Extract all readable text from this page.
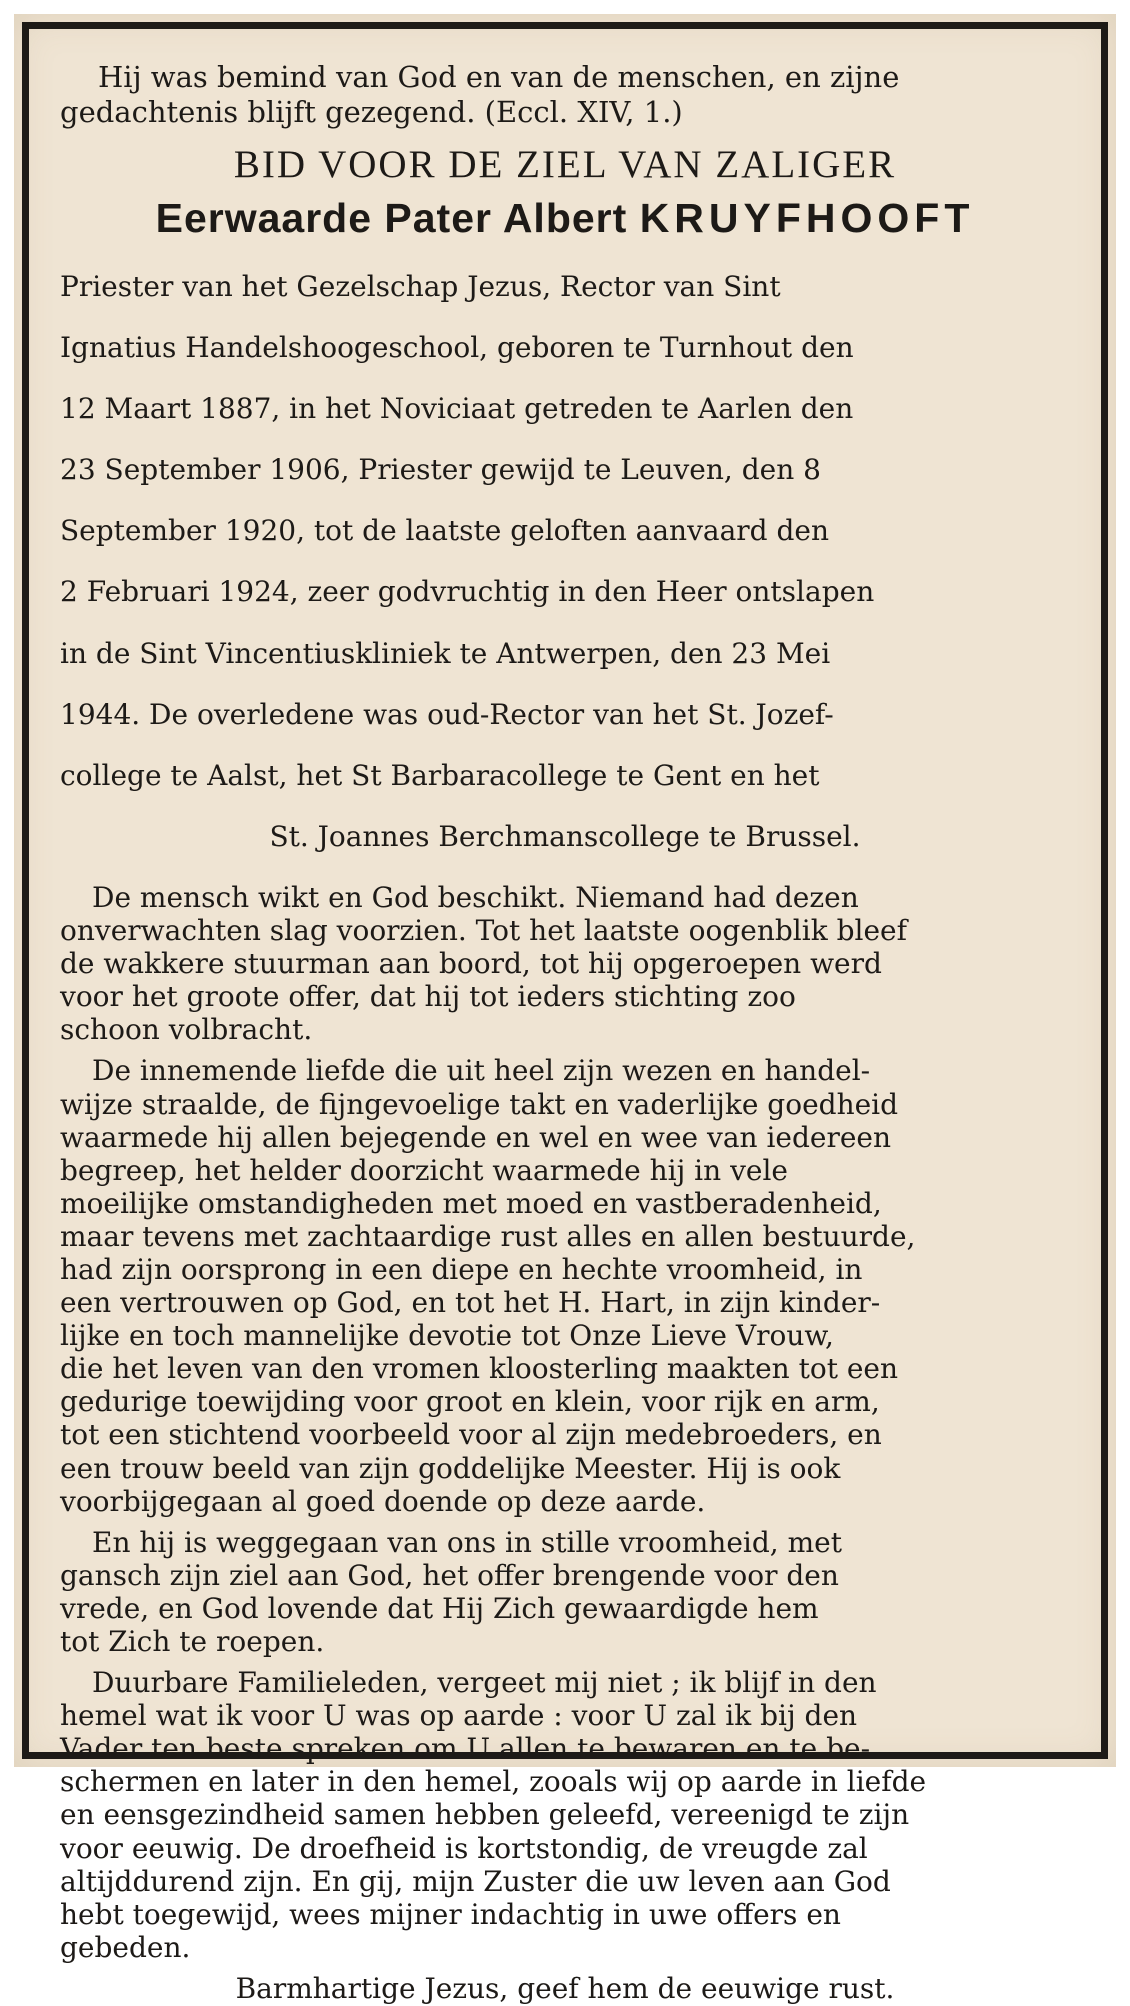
Hij was bemind van God en van de menschen, en zijne

gedachtenis blijft gezegend. (Eccl. XIV, 1.)

BID VOOR DE ZIEL VAN ZALIGER
Eerwaarde Pater Albert KRUYFHOOFT

Priester van het Gezelschap Jezus, Rector van Sint

Ignatius Handelshoogeschool, geboren te Turnhout den

12 Maart 1887, in het Noviciaat getreden te Aarlen den

23 September 1906, Priester gewijd te Leuven, den 8

September 1920, tot de laatste geloften aanvaard den

2 Februari 1924, zeer godvruchtig in den Heer ontslapen

in de Sint Vincentiuskliniek te Antwerpen, den 23 Mei

1944. De overledene was oud-Rector van het St. Jozef-

college te Aalst, het St Barbaracollege te Gent en het

St. Joannes Berchmanscollege te Brussel.

De mensch wikt en God beschikt. Niemand had dezen

onverwachten slag voorzien. Tot het laatste oogenblik bleef

de wakkere stuurman aan boord, tot hij opgeroepen werd

voor het groote offer, dat hij tot ieders stichting zoo

schoon volbracht.

De innemende liefde die uit heel zijn wezen en handel-

wijze straalde, de fijngevoelige takt en vaderlijke goedheid

waarmede hij allen bejegende en wel en wee van iedereen

begreep, het helder doorzicht waarmede hij in vele

moeilijke omstandigheden met moed en vastberadenheid,

maar tevens met zachtaardige rust alles en allen bestuurde,

had zijn oorsprong in een diepe en hechte vroomheid, in

een vertrouwen op God, en tot het H. Hart, in zijn kinder-

lijke en toch mannelijke devotie tot Onze Lieve Vrouw,

die het leven van den vromen kloosterling maakten tot een

gedurige toewijding voor groot en klein, voor rijk en arm,

tot een stichtend voorbeeld voor al zijn medebroeders, en

een trouw beeld van zijn goddelijke Meester. Hij is ook

voorbijgegaan al goed doende op deze aarde.

En hij is weggegaan van ons in stille vroomheid, met

gansch zijn ziel aan God, het offer brengende voor den

vrede, en God lovende dat Hij Zich gewaardigde hem

tot Zich te roepen.

Duurbare Familieleden, vergeet mij niet ; ik blijf in den

hemel wat ik voor U was op aarde : voor U zal ik bij den

Vader ten beste spreken om U allen te bewaren en te be-

schermen en later in den hemel, zooals wij op aarde in liefde

en eensgezindheid samen hebben geleefd, vereenigd te zijn

voor eeuwig. De droefheid is kortstondig, de vreugde zal

altijddurend zijn. En gij, mijn Zuster die uw leven aan God

hebt toegewijd, wees mijner indachtig in uwe offers en

gebeden.

Barmhartige Jezus, geef hem de eeuwige rust.
